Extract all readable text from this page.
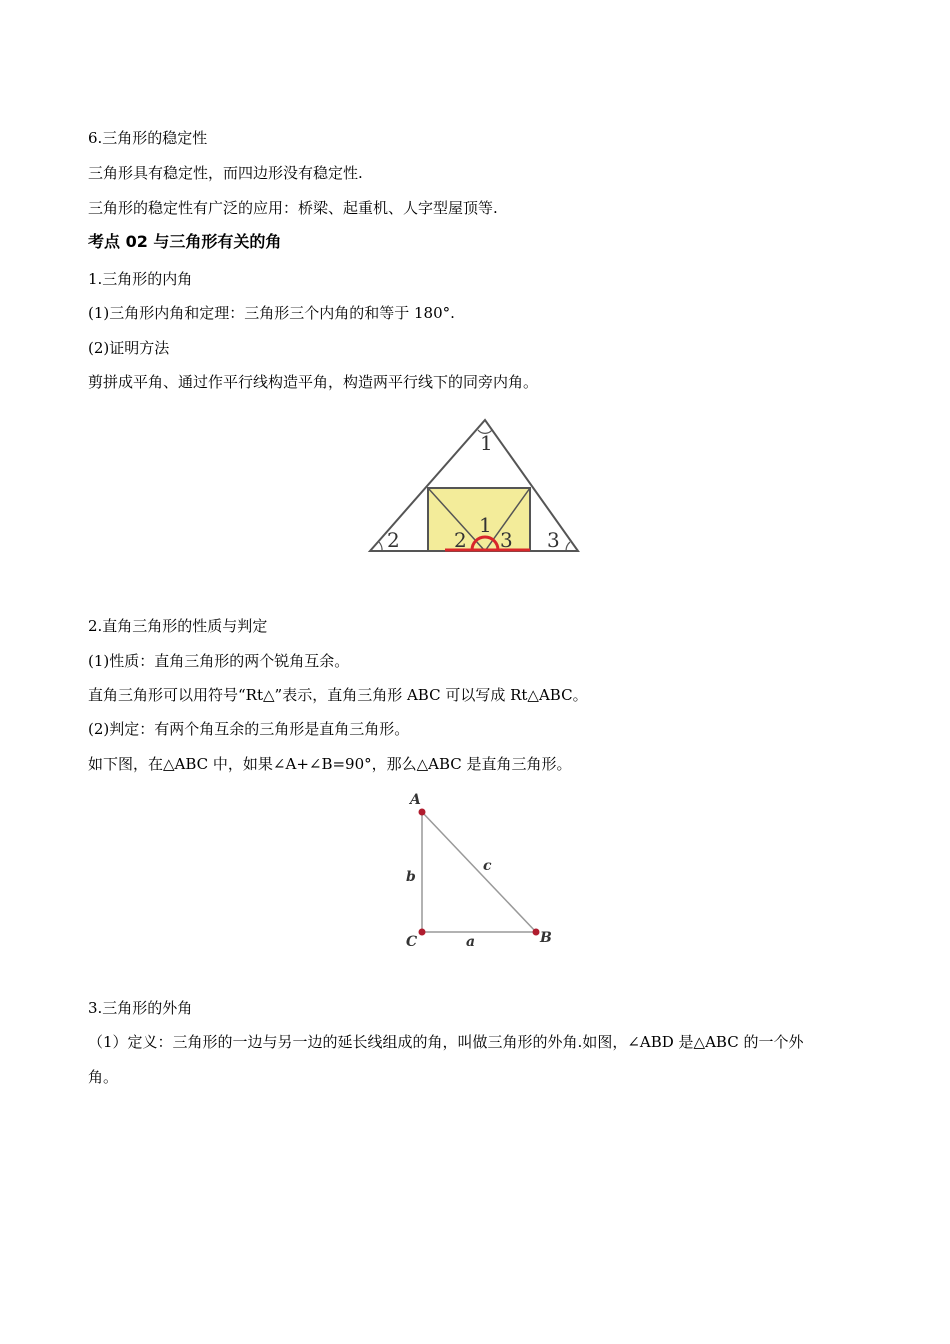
6.三角形的稳定性
三角形具有稳定性，而四边形没有稳定性.
三角形的稳定性有广泛的应用：桥梁、起重机、人字型屋顶等.
考点 02 与三角形有关的角
1.三角形的内角
(1)三角形内角和定理：三角形三个内角的和等于 180°.
(2)证明方法
剪拼成平角、通过作平行线构造平角，构造两平行线下的同旁内角。
1
2	3
2
1
3
2.直角三角形的性质与判定
(1)性质：直角三角形的两个锐角互余。
直角三角形可以用符号“Rt△”表示，直角三角形 ABC 可以写成 Rt△ABC。
(2)判定：有两个角互余的三角形是直角三角形。
如下图，在△ABC 中，如果∠A+∠B=90°，那么△ABC 是直角三角形。
A
C	B
b
a
c
3.三角形的外角
（1）定义：三角形的一边与另一边的延长线组成的角，叫做三角形的外角.如图，∠ABD 是△ABC 的一个外
角。
